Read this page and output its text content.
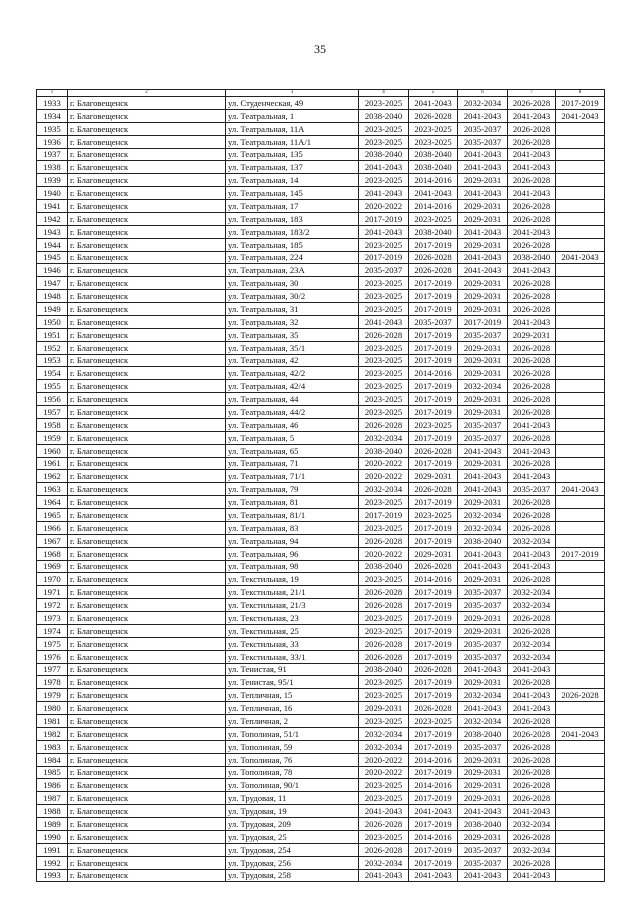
35
1	2	3	4	5	6	7	8
1933	г. Благовещенск	ул. Студенческая, 49	2023-2025	2041-2043	2032-2034	2026-2028	2017-2019
1934	г. Благовещенск	ул. Театральная, 1	2038-2040	2026-2028	2041-2043	2041-2043	2041-2043
1935	г. Благовещенск	ул. Театральная, 11А	2023-2025	2023-2025	2035-2037	2026-2028	
1936	г. Благовещенск	ул. Театральная, 11А/1	2023-2025	2023-2025	2035-2037	2026-2028	
1937	г. Благовещенск	ул. Театральная, 135	2038-2040	2038-2040	2041-2043	2041-2043	
1938	г. Благовещенск	ул. Театральная, 137	2041-2043	2038-2040	2041-2043	2041-2043	
1939	г. Благовещенск	ул. Театральная, 14	2023-2025	2014-2016	2029-2031	2026-2028	
1940	г. Благовещенск	ул. Театральная, 145	2041-2043	2041-2043	2041-2043	2041-2043	
1941	г. Благовещенск	ул. Театральная, 17	2020-2022	2014-2016	2029-2031	2026-2028	
1942	г. Благовещенск	ул. Театральная, 183	2017-2019	2023-2025	2029-2031	2026-2028	
1943	г. Благовещенск	ул. Театральная, 183/2	2041-2043	2038-2040	2041-2043	2041-2043	
1944	г. Благовещенск	ул. Театральная, 185	2023-2025	2017-2019	2029-2031	2026-2028	
1945	г. Благовещенск	ул. Театральная, 224	2017-2019	2026-2028	2041-2043	2038-2040	2041-2043
1946	г. Благовещенск	ул. Театральная, 23А	2035-2037	2026-2028	2041-2043	2041-2043	
1947	г. Благовещенск	ул. Театральная, 30	2023-2025	2017-2019	2029-2031	2026-2028	
1948	г. Благовещенск	ул. Театральная, 30/2	2023-2025	2017-2019	2029-2031	2026-2028	
1949	г. Благовещенск	ул. Театральная, 31	2023-2025	2017-2019	2029-2031	2026-2028	
1950	г. Благовещенск	ул. Театральная, 32	2041-2043	2035-2037	2017-2019	2041-2043	
1951	г. Благовещенск	ул. Театральная, 35	2026-2028	2017-2019	2035-2037	2029-2031	
1952	г. Благовещенск	ул. Театральная, 35/1	2023-2025	2017-2019	2029-2031	2026-2028	
1953	г. Благовещенск	ул. Театральная, 42	2023-2025	2017-2019	2029-2031	2026-2028	
1954	г. Благовещенск	ул. Театральная, 42/2	2023-2025	2014-2016	2029-2031	2026-2028	
1955	г. Благовещенск	ул. Театральная, 42/4	2023-2025	2017-2019	2032-2034	2026-2028	
1956	г. Благовещенск	ул. Театральная, 44	2023-2025	2017-2019	2029-2031	2026-2028	
1957	г. Благовещенск	ул. Театральная, 44/2	2023-2025	2017-2019	2029-2031	2026-2028	
1958	г. Благовещенск	ул. Театральная, 46	2026-2028	2023-2025	2035-2037	2041-2043	
1959	г. Благовещенск	ул. Театральная, 5	2032-2034	2017-2019	2035-2037	2026-2028	
1960	г. Благовещенск	ул. Театральная, 65	2038-2040	2026-2028	2041-2043	2041-2043	
1961	г. Благовещенск	ул. Театральная, 71	2020-2022	2017-2019	2029-2031	2026-2028	
1962	г. Благовещенск	ул. Театральная, 71/1	2020-2022	2029-2031	2041-2043	2041-2043	
1963	г. Благовещенск	ул. Театральная, 79	2032-2034	2026-2028	2041-2043	2035-2037	2041-2043
1964	г. Благовещенск	ул. Театральная, 81	2023-2025	2017-2019	2029-2031	2026-2028	
1965	г. Благовещенск	ул. Театральная, 81/1	2017-2019	2023-2025	2032-2034	2026-2028	
1966	г. Благовещенск	ул. Театральная, 83	2023-2025	2017-2019	2032-2034	2026-2028	
1967	г. Благовещенск	ул. Театральная, 94	2026-2028	2017-2019	2038-2040	2032-2034	
1968	г. Благовещенск	ул. Театральная, 96	2020-2022	2029-2031	2041-2043	2041-2043	2017-2019
1969	г. Благовещенск	ул. Театральная, 98	2038-2040	2026-2028	2041-2043	2041-2043	
1970	г. Благовещенск	ул. Текстильная, 19	2023-2025	2014-2016	2029-2031	2026-2028	
1971	г. Благовещенск	ул. Текстильная, 21/1	2026-2028	2017-2019	2035-2037	2032-2034	
1972	г. Благовещенск	ул. Текстильная, 21/3	2026-2028	2017-2019	2035-2037	2032-2034	
1973	г. Благовещенск	ул. Текстильная, 23	2023-2025	2017-2019	2029-2031	2026-2028	
1974	г. Благовещенск	ул. Текстильная, 25	2023-2025	2017-2019	2029-2031	2026-2028	
1975	г. Благовещенск	ул. Текстильная, 33	2026-2028	2017-2019	2035-2037	2032-2034	
1976	г. Благовещенск	ул. Текстильная, 33/1	2026-2028	2017-2019	2035-2037	2032-2034	
1977	г. Благовещенск	ул. Тенистая, 91	2038-2040	2026-2028	2041-2043	2041-2043	
1978	г. Благовещенск	ул. Тенистая, 95/1	2023-2025	2017-2019	2029-2031	2026-2028	
1979	г. Благовещенск	ул. Тепличная, 15	2023-2025	2017-2019	2032-2034	2041-2043	2026-2028
1980	г. Благовещенск	ул. Тепличная, 16	2029-2031	2026-2028	2041-2043	2041-2043	
1981	г. Благовещенск	ул. Тепличная, 2	2023-2025	2023-2025	2032-2034	2026-2028	
1982	г. Благовещенск	ул. Тополиная, 51/1	2032-2034	2017-2019	2038-2040	2026-2028	2041-2043
1983	г. Благовещенск	ул. Тополиная, 59	2032-2034	2017-2019	2035-2037	2026-2028	
1984	г. Благовещенск	ул. Тополиная, 76	2020-2022	2014-2016	2029-2031	2026-2028	
1985	г. Благовещенск	ул. Тополиная, 78	2020-2022	2017-2019	2029-2031	2026-2028	
1986	г. Благовещенск	ул. Тополиная, 90/1	2023-2025	2014-2016	2029-2031	2026-2028	
1987	г. Благовещенск	ул. Трудовая, 11	2023-2025	2017-2019	2029-2031	2026-2028	
1988	г. Благовещенск	ул. Трудовая, 19	2041-2043	2041-2043	2041-2043	2041-2043	
1989	г. Благовещенск	ул. Трудовая, 209	2026-2028	2017-2019	2038-2040	2032-2034	
1990	г. Благовещенск	ул. Трудовая, 25	2023-2025	2014-2016	2029-2031	2026-2028	
1991	г. Благовещенск	ул. Трудовая, 254	2026-2028	2017-2019	2035-2037	2032-2034	
1992	г. Благовещенск	ул. Трудовая, 256	2032-2034	2017-2019	2035-2037	2026-2028	
1993	г. Благовещенск	ул. Трудовая, 258	2041-2043	2041-2043	2041-2043	2041-2043	
